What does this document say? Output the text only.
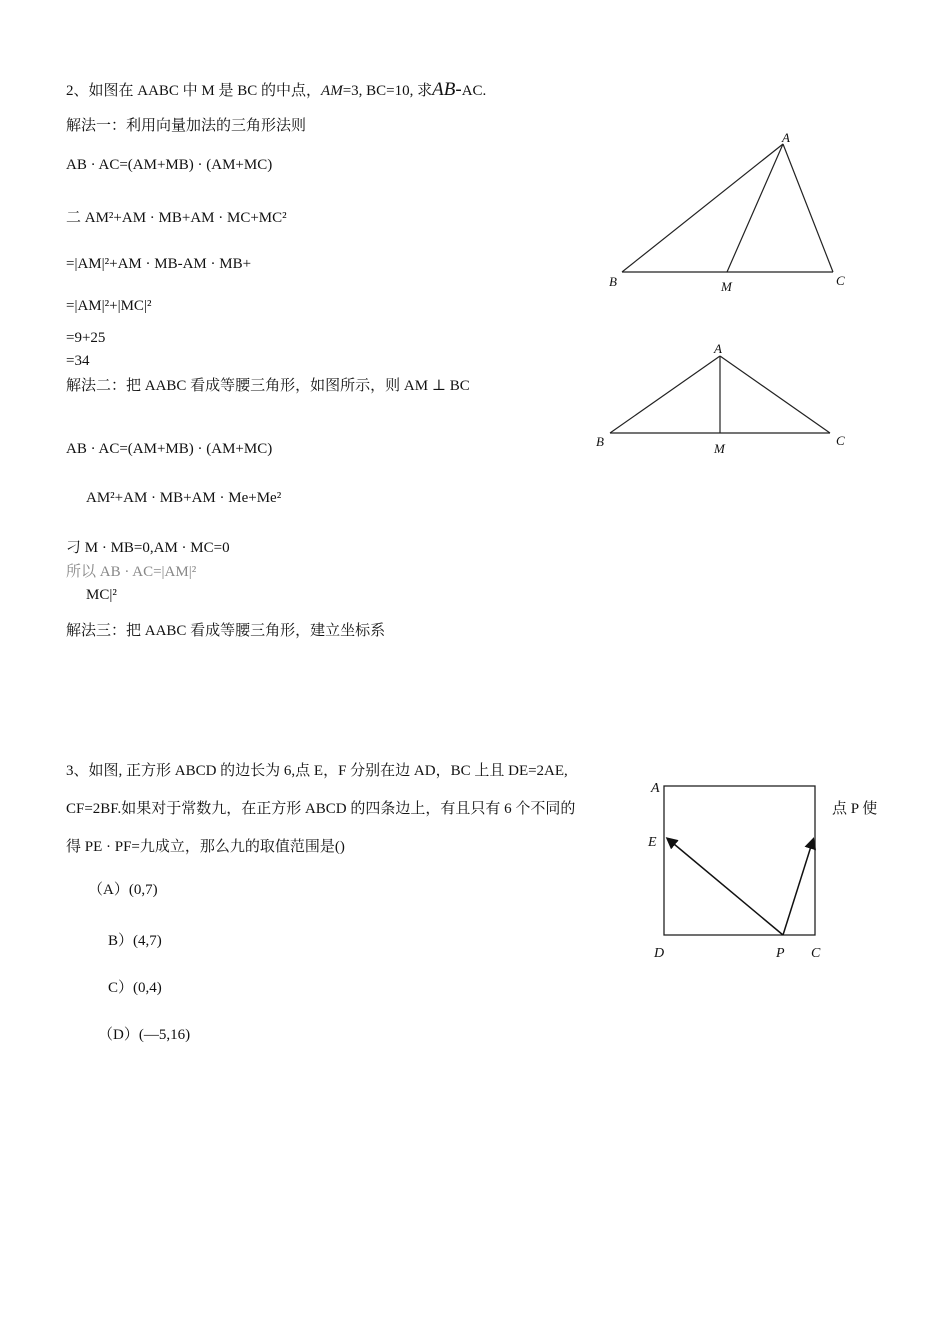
2、如图在 AABC 中 M 是 BC 的中点，AM=3, BC=10, 求AB-AC.
解法一：利用向量加法的三角形法则
AB · AC=(AM+MB) · (AM+MC)
二 AM²+AM · MB+AM · MC+MC²
=|AM|²+AM · MB-AM · MB+
=|AM|²+|MC|²
=9+25
=34
解法二：把 AABC 看成等腰三角形，如图所示，则 AM ⊥ BC
AB · AC=(AM+MB) · (AM+MC)
AM²+AM · MB+AM · Me+Me²
刁 M · MB=0,AM · MC=0
所以 AB · AC=|AM|²
MC|²
解法三：把 AABC 看成等腰三角形，建立坐标系
A
B	M	C
A
B	M
C
3、如图, 正方形 ABCD 的边长为 6,点 E，F 分别在边 AD，BC 上且 DE=2AE,
CF=2BF.如果对于常数九，在正方形 ABCD 的四条边上，有且只有 6 个不同的	点 P 使
得 PE · PF=九成立，那么九的取值范围是()
（A）(0,7)
B）(4,7)
C）(0,4)
（D）(—5,16)
A
E
D	P C
